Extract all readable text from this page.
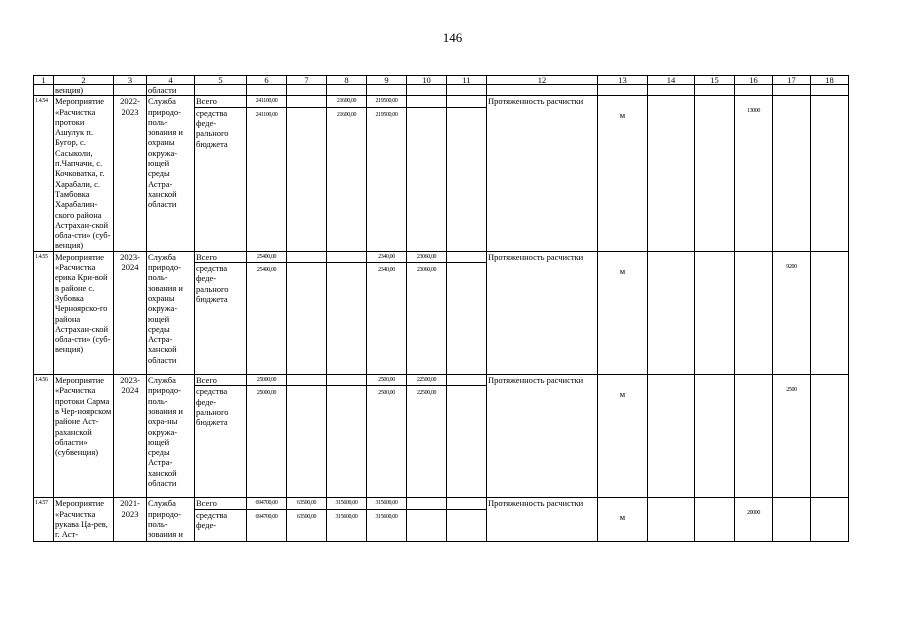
146
1	2	3	4	5	6	7	8	9	10	11	12	13	14	15	16	17	18
	венция)		области														

1.4.54	Мероприятие «Расчистка протоки Ашулук п. Бугор, с. Сасыколи, п.Чапчачи, с. Кочковатка, г. Харабали, с. Тамбовка Харабалин-ского района Астрахан-ской обла-сти» (суб-венция)	2022-2023	Служба природо-поль-зования и охраны окружа-ющей среды Астра-ханской области	Всего	241100,00		21600,00	219500,00			Протяженность расчистки	м			13000		

				средства феде-рального бюджета	241100,00		21600,00	219500,00									

1.4.55	Мероприятие «Расчистка ерика Кри-вой в районе с. Зубовка Черноярско-го района Астрахан-ской обла-сти» (суб-венция)	2023-2024	Служба природо-поль-зования и охраны окружа-ющей среды Астра-ханской области	Всего	25400,00			2340,00	23060,00		Протяженность расчистки	м				9200	

				средства феде-рального бюджета	25400,00			2340,00	23060,00								

1.4.56	Мероприятие «Расчистка протоки Сарма в Чер-ноярском районе Аст-раханской области» (субвенция)	2023-2024	Служба природо-поль-зования и охра-ны окружа-ющей среды Астра-ханской области	Всего	25000,00			2500,00	22500,00		Протяженность расчистки	м				2500	

				средства феде-рального бюджета	25000,00			2500,00	22500,00								

1.4.57	Мероприятие «Расчистка рукава Ца-рев, г. Аст-	2021-2023	Служба природо-поль-зования и	Всего	694700,00	63500,00	315600,00	315600,00			Протяженность расчистки	м			20000		

				средства феде-	694700,00	63500,00	315600,00	315600,00									
